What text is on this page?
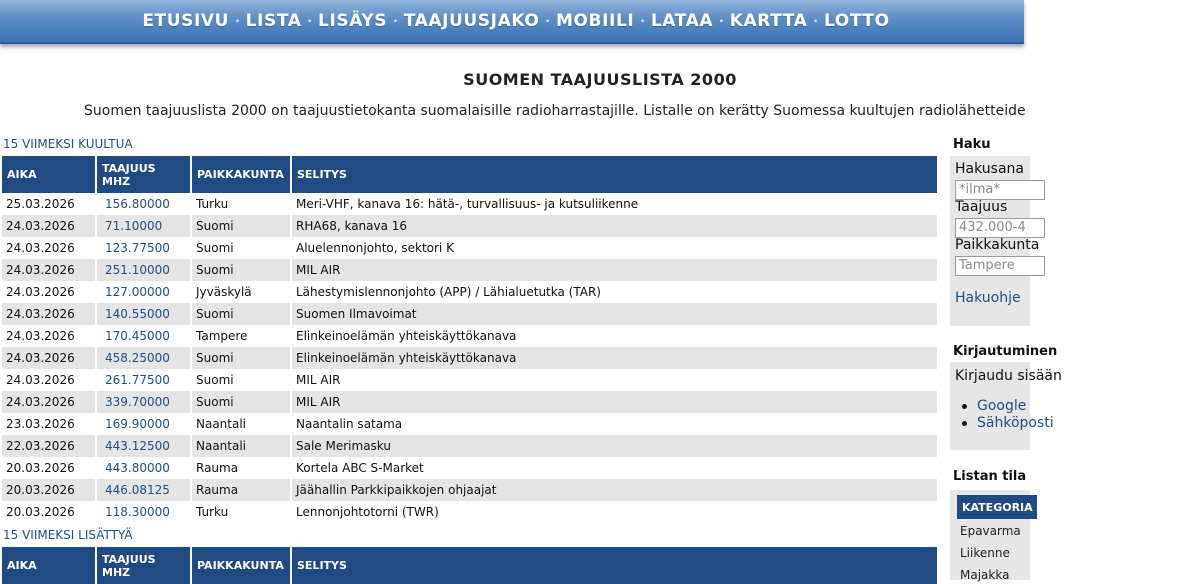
ETUSIVU · LISTA · LISÄYS · TAAJUUSJAKO · MOBIILI · LATAA · KARTTA · LOTTO
SUOMEN TAAJUUSLISTA 2000
Suomen taajuuslista 2000 on taajuustietokanta suomalaisille radioharrastajille. Listalle on kerätty Suomessa kuultujen radiolähetteide
15 VIIMEKSI KUULTUA
AIKA	TAAJUUS MHZ	PAIKKAKUNTA	SELITYS
25.03.2026	156.80000	Turku	Meri-VHF, kanava 16: hätä-, turvallisuus- ja kutsuliikenne
24.03.2026	71.10000	Suomi	RHA68, kanava 16
24.03.2026	123.77500	Suomi	Aluelennonjohto, sektori K
24.03.2026	251.10000	Suomi	MIL AIR
24.03.2026	127.00000	Jyväskylä	Lähestymislennonjohto (APP) / Lähialuetutka (TAR)
24.03.2026	140.55000	Suomi	Suomen Ilmavoimat
24.03.2026	170.45000	Tampere	Elinkeinoelämän yhteiskäyttökanava
24.03.2026	458.25000	Suomi	Elinkeinoelämän yhteiskäyttökanava
24.03.2026	261.77500	Suomi	MIL AIR
24.03.2026	339.70000	Suomi	MIL AIR
23.03.2026	169.90000	Naantali	Naantalin satama
22.03.2026	443.12500	Naantali	Sale Merimasku
20.03.2026	443.80000	Rauma	Kortela ABC S-Market
20.03.2026	446.08125	Rauma	Jäähallin Parkkipaikkojen ohjaajat
20.03.2026	118.30000	Turku	Lennonjohtotorni (TWR)
15 VIIMEKSI LISÄTTYÄ
AIKA	TAAJUUS MHZ	PAIKKAKUNTA	SELITYS
Haku
Hakusana
*ilma*
Taajuus
432.000-4
Paikkakunta
Tampere
Hakuohje
Kirjautuminen
Kirjaudu sisään
Google
Sähköposti
Listan tila
KATEGORIA
Epavarma
Liikenne
Majakka
